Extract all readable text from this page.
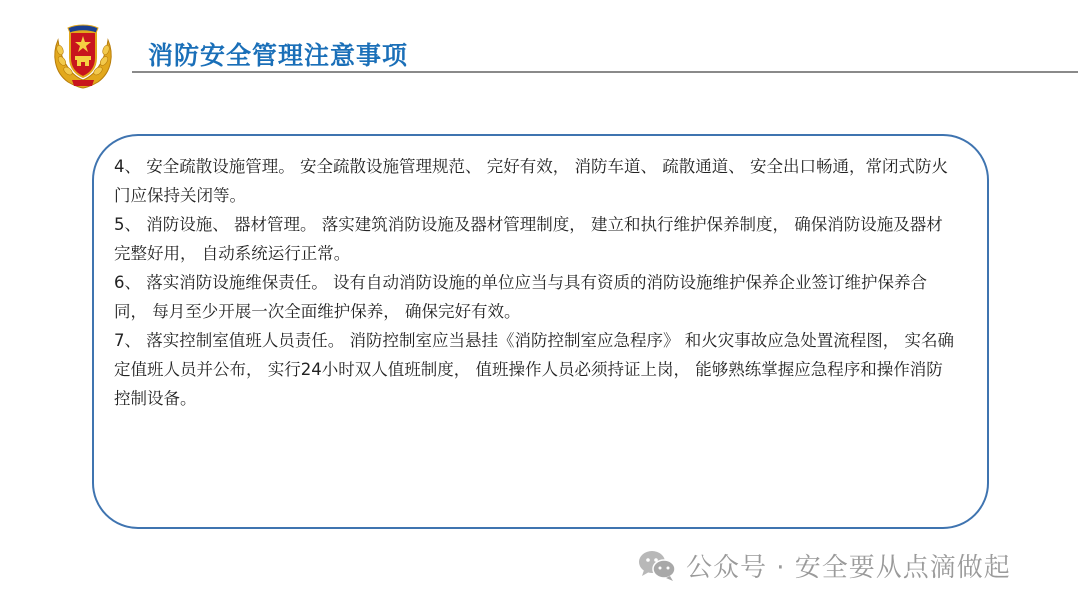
消防安全管理注意事项

4、 安全疏散设施管理。 安全疏散设施管理规范、 完好有效， 消防车道、 疏散通道、 安全出口畅通，常闭式防火门应保持关闭等。

5、 消防设施、 器材管理。 落实建筑消防设施及器材管理制度， 建立和执行维护保养制度， 确保消防设施及器材完整好用， 自动系统运行正常。

6、 落实消防设施维保责任。 设有自动消防设施的单位应当与具有资质的消防设施维护保养企业签订维护保养合同， 每月至少开展一次全面维护保养， 确保完好有效。

7、 落实控制室值班人员责任。 消防控制室应当悬挂《消防控制室应急程序》 和火灾事故应急处置流程图， 实名确定值班人员并公布， 实行24小时双人值班制度， 值班操作人员必须持证上岗， 能够熟练掌握应急程序和操作消防控制设备。

公众号 · 安全要从点滴做起
